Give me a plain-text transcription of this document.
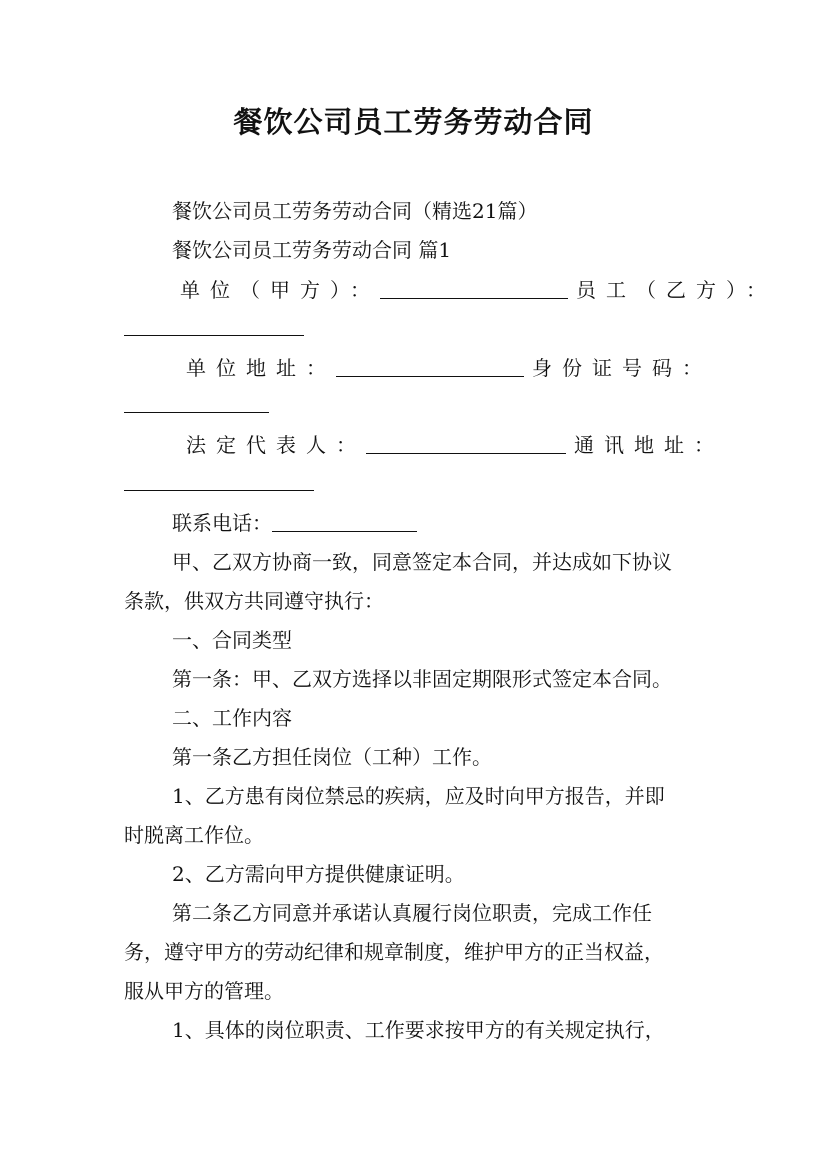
餐饮公司员工劳务劳动合同
餐饮公司员工劳务劳动合同（精选21篇）
餐饮公司员工劳务劳动合同 篇1
单位（甲方）：	员工（乙方）：
单位地址：	身份证号码：
法定代表人：	通讯地址：
联系电话：
甲、乙双方协商一致，同意签定本合同，并达成如下协议
条款，供双方共同遵守执行：
一、合同类型
第一条：甲、乙双方选择以非固定期限形式签定本合同。
二、工作内容
第一条乙方担任岗位（工种）工作。
1、乙方患有岗位禁忌的疾病，应及时向甲方报告，并即
时脱离工作位。
2、乙方需向甲方提供健康证明。
第二条乙方同意并承诺认真履行岗位职责，完成工作任
务，遵守甲方的劳动纪律和规章制度，维护甲方的正当权益，
服从甲方的管理。
1、具体的岗位职责、工作要求按甲方的有关规定执行，
